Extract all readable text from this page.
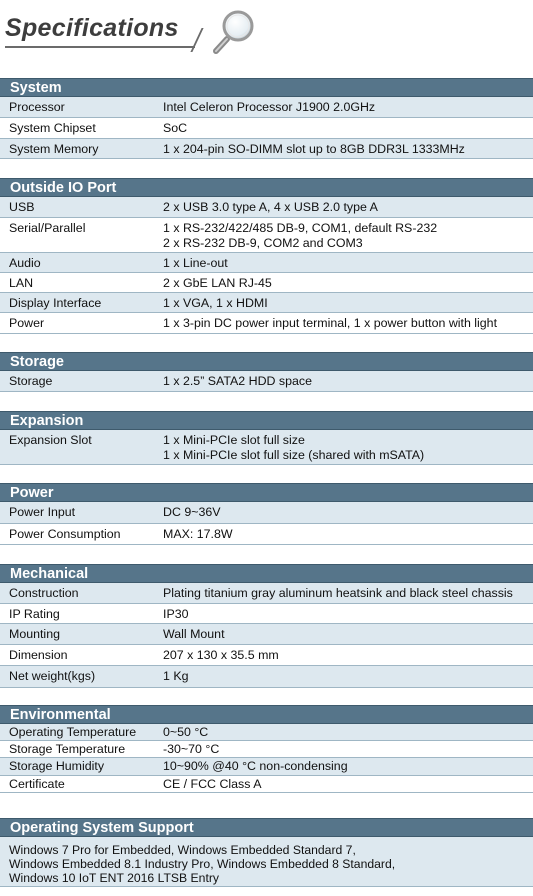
Specifications
System
Processor	Intel Celeron Processor J1900 2.0GHz
System Chipset	SoC
System Memory	1 x 204-pin SO-DIMM slot up to 8GB DDR3L 1333MHz
Outside IO Port
USB	2 x USB 3.0 type A, 4 x USB 2.0 type A
Serial/Parallel	1 x RS-232/422/485 DB-9, COM1, default RS-232
2 x RS-232 DB-9, COM2 and COM3
Audio	1 x Line-out
LAN	2 x GbE LAN RJ-45
Display Interface	1 x VGA, 1 x HDMI
Power	1 x 3-pin DC power input terminal, 1 x power button with light
Storage
Storage	1 x 2.5” SATA2 HDD space
Expansion
Expansion Slot	1 x Mini-PCIe slot full size
1 x Mini-PCIe slot full size (shared with mSATA)
Power
Power Input	DC 9~36V
Power Consumption	MAX: 17.8W
Mechanical
Construction	Plating titanium gray aluminum heatsink and black steel chassis
IP Rating	IP30
Mounting	Wall Mount
Dimension	207 x 130 x 35.5 mm
Net weight(kgs)	1 Kg
Environmental
Operating Temperature	0~50 °C
Storage Temperature	-30~70 °C
Storage Humidity	10~90% @40 °C non-condensing
Certificate	CE / FCC Class A
Operating System Support
Windows 7 Pro for Embedded, Windows Embedded Standard 7,
Windows Embedded 8.1 Industry Pro, Windows Embedded 8 Standard,
Windows 10 IoT ENT 2016 LTSB Entry
